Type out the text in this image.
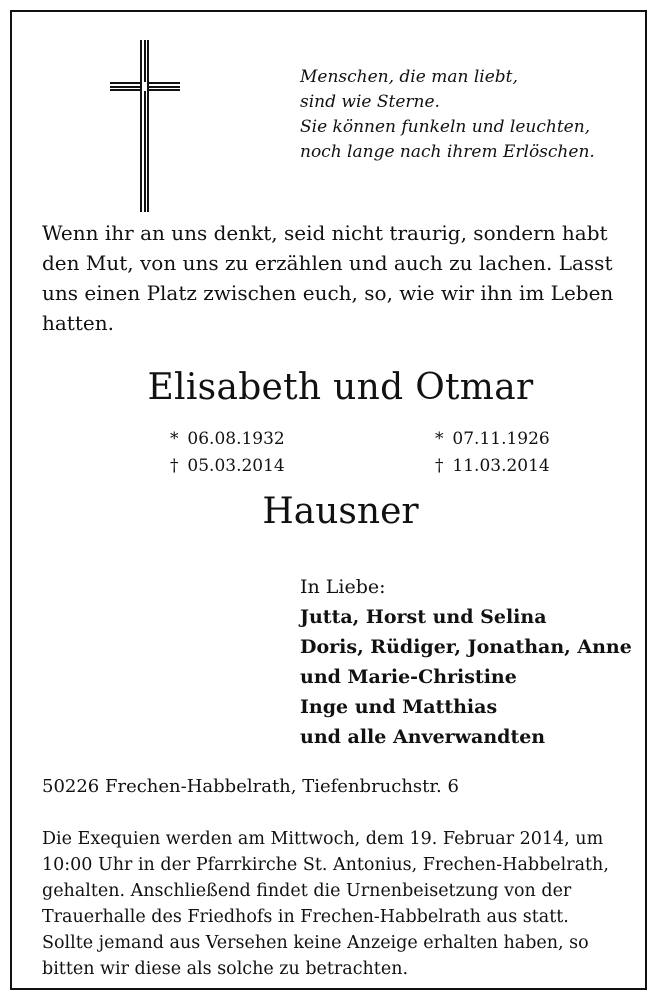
Menschen, die man liebt,
sind wie Sterne.
Sie können funkeln und leuchten,
noch lange nach ihrem Erlöschen.
Wenn ihr an uns denkt, seid nicht traurig, sondern habt
den Mut, von uns zu erzählen und auch zu lachen. Lasst
uns einen Platz zwischen euch, so, wie wir ihn im Leben
hatten.
Elisabeth und Otmar
* 06.08.1932
† 05.03.2014
* 07.11.1926
† 11.03.2014
Hausner
In Liebe:
Jutta, Horst und Selina
Doris, Rüdiger, Jonathan, Anne
und Marie-Christine
Inge und Matthias
und alle Anverwandten
50226 Frechen-Habbelrath, Tiefenbruchstr. 6
Die Exequien werden am Mittwoch, dem 19. Februar 2014, um
10:00 Uhr in der Pfarrkirche St. Antonius, Frechen-Habbelrath,
gehalten. Anschließend findet die Urnenbeisetzung von der
Trauerhalle des Friedhofs in Frechen-Habbelrath aus statt.
Sollte jemand aus Versehen keine Anzeige erhalten haben, so
bitten wir diese als solche zu betrachten.
